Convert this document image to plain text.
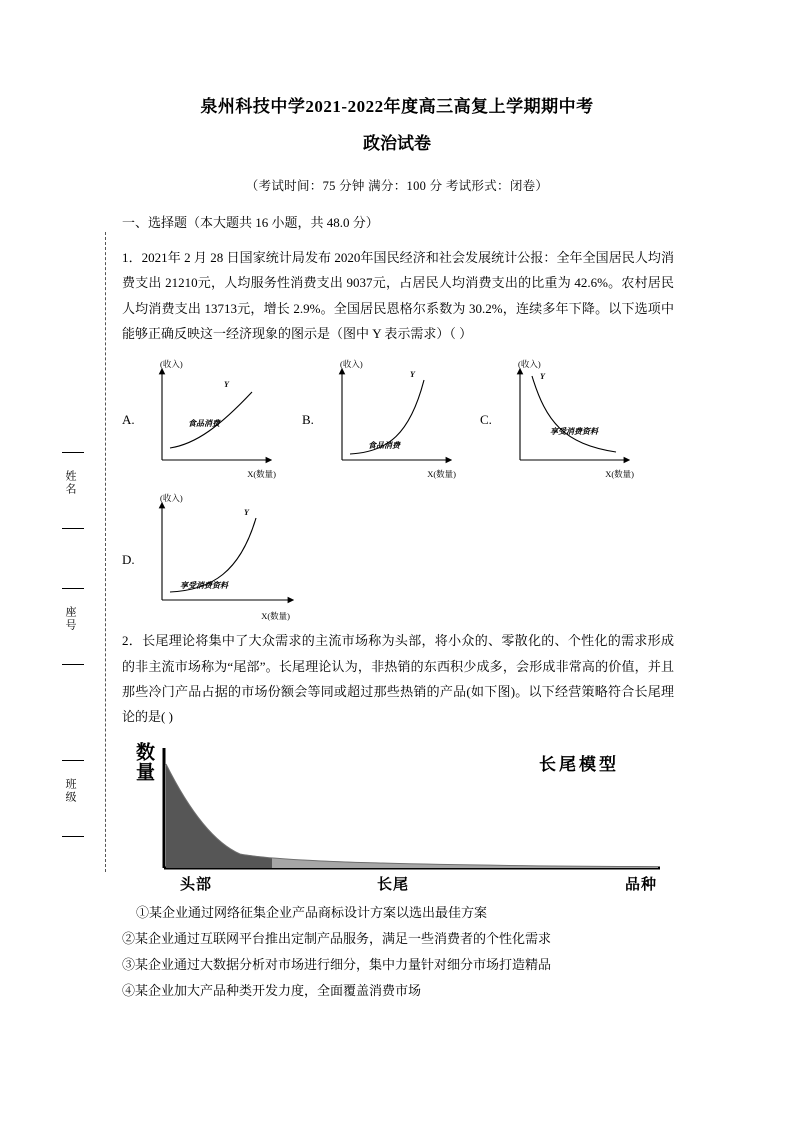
泉州科技中学2021-2022年度高三高复上学期期中考
政治试卷
（考试时间：75 分钟 满分：100 分 考试形式：闭卷）
姓名
座号
班级
一、选择题（本大题共 16 小题，共 48.0 分）
1．2021年 2 月 28 日国家统计局发布 2020年国民经济和社会发展统计公报：全年全国居民人均消费支出 21210元，人均服务性消费支出 9037元，占居民人均消费支出的比重为 42.6%。农村居民人均消费支出 13713元，增长 2.9%。全国居民恩格尔系数为 30.2%，连续多年下降。以下选项中能够正确反映这一经济现象的图示是（图中 Y 表示需求）（ ）
A.
(收入)
Y
食品消费
X(数量)
B.
(收入)
Y
食品消费
X(数量)
C.
(收入)
Y
享受消费资料
X(数量)
D.
(收入)
Y
享受消费资料
X(数量)
2．长尾理论将集中了大众需求的主流市场称为头部，将小众的、零散化的、个性化的需求形成的非主流市场称为“尾部”。长尾理论认为，非热销的东西积少成多，会形成非常高的价值，并且那些冷门产品占据的市场份额会等同或超过那些热销的产品(如下图)。以下经营策略符合长尾理论的是( )
数量	长尾模型
头部	长尾	品种
①某企业通过网络征集企业产品商标设计方案以选出最佳方案
②某企业通过互联网平台推出定制产品服务，满足一些消费者的个性化需求
③某企业通过大数据分析对市场进行细分，集中力量针对细分市场打造精品
④某企业加大产品种类开发力度，全面覆盖消费市场
